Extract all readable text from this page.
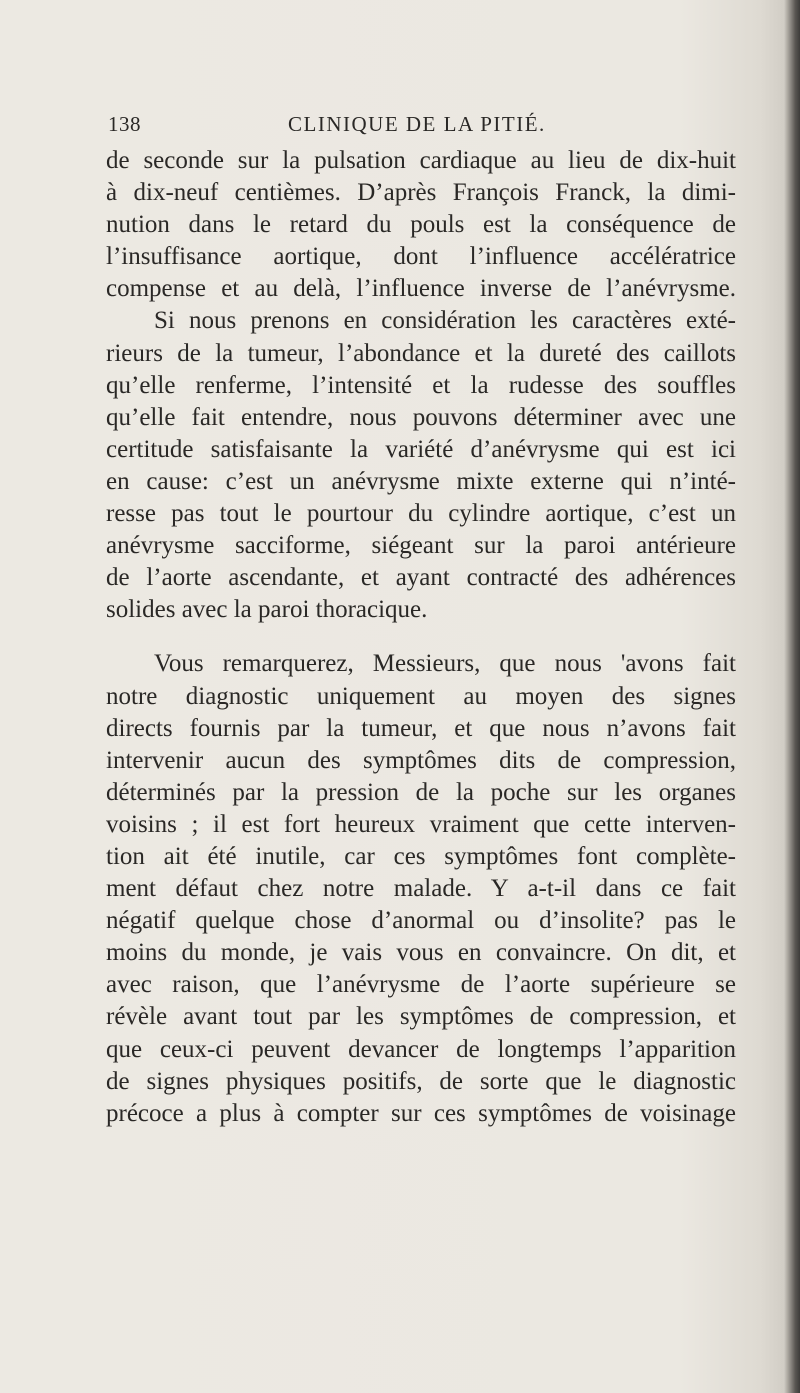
138	CLINIQUE DE LA PITIÉ.
de seconde sur la pulsation cardiaque au lieu de dix-huit
à dix-neuf centièmes. D’après François Franck, la dimi-
nution dans le retard du pouls est la conséquence de
l’insuffisance aortique, dont l’influence accélératrice
compense et au delà, l’influence inverse de l’anévrysme.
Si nous prenons en considération les caractères exté-
rieurs de la tumeur, l’abondance et la dureté des caillots
qu’elle renferme, l’intensité et la rudesse des souffles
qu’elle fait entendre, nous pouvons déterminer avec une
certitude satisfaisante la variété d’anévrysme qui est ici
en cause: c’est un anévrysme mixte externe qui n’inté-
resse pas tout le pourtour du cylindre aortique, c’est un
anévrysme sacciforme, siégeant sur la paroi antérieure
de l’aorte ascendante, et ayant contracté des adhérences
solides avec la paroi thoracique.
Vous remarquerez, Messieurs, que nous 'avons fait
notre diagnostic uniquement au moyen des signes
directs fournis par la tumeur, et que nous n’avons fait
intervenir aucun des symptômes dits de compression,
déterminés par la pression de la poche sur les organes
voisins ; il est fort heureux vraiment que cette interven-
tion ait été inutile, car ces symptômes font complète-
ment défaut chez notre malade. Y a-t-il dans ce fait
négatif quelque chose d’anormal ou d’insolite? pas le
moins du monde, je vais vous en convaincre. On dit, et
avec raison, que l’anévrysme de l’aorte supérieure se
révèle avant tout par les symptômes de compression, et
que ceux-ci peuvent devancer de longtemps l’apparition
de signes physiques positifs, de sorte que le diagnostic
précoce a plus à compter sur ces symptômes de voisinage
